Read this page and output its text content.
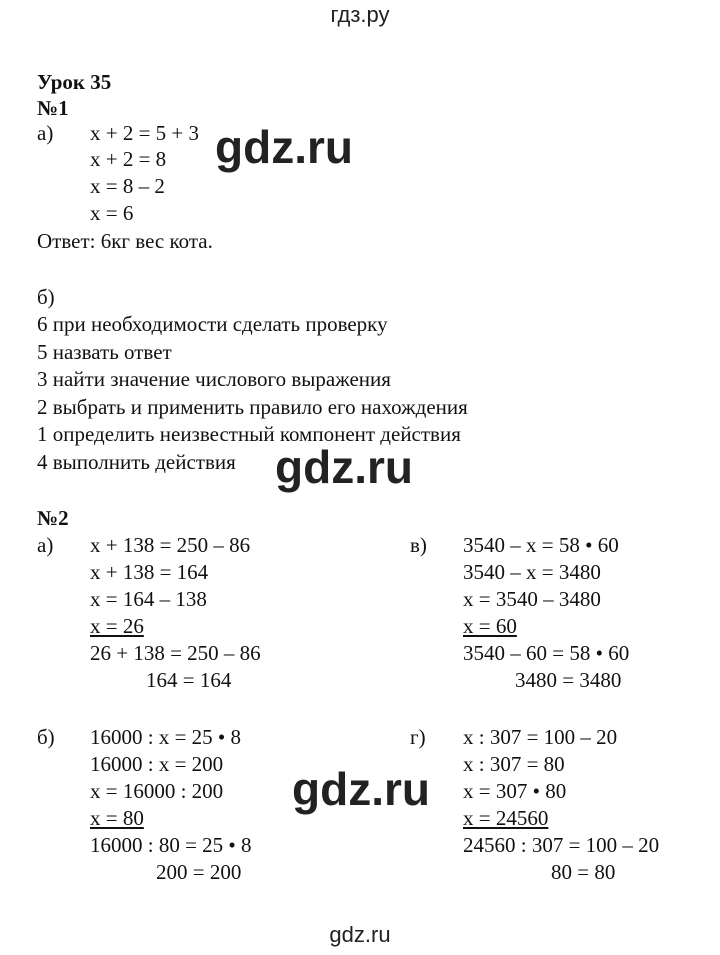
гдз.ру
Урок 35
№1
а) x + 2 = 5 + 3
x + 2 = 8
x = 8 – 2
x = 6
Ответ: 6кг вес кота.
б)
6 при необходимости сделать проверку
5 назвать ответ
3 найти значение числового выражения
2 выбрать и применить правило его нахождения
1 определить неизвестный компонент действия
4 выполнить действия
№2
а) x + 138 = 250 – 86
x + 138 = 164
x = 164 – 138
x = 26
26 + 138 = 250 – 86
164 = 164
в) 3540 – x = 58 • 60
3540 – x = 3480
x = 3540 – 3480
x = 60
3540 – 60 = 58 • 60
3480 = 3480
б) 16000 : x = 25 • 8
16000 : x = 200
x = 16000 : 200
x = 80
16000 : 80 = 25 • 8
200 = 200
г) x : 307 = 100 – 20
x : 307 = 80
x = 307 • 80
x = 24560
24560 : 307 = 100 – 20
80 = 80
gdz.ru
gdz.ru
gdz.ru
gdz.ru
